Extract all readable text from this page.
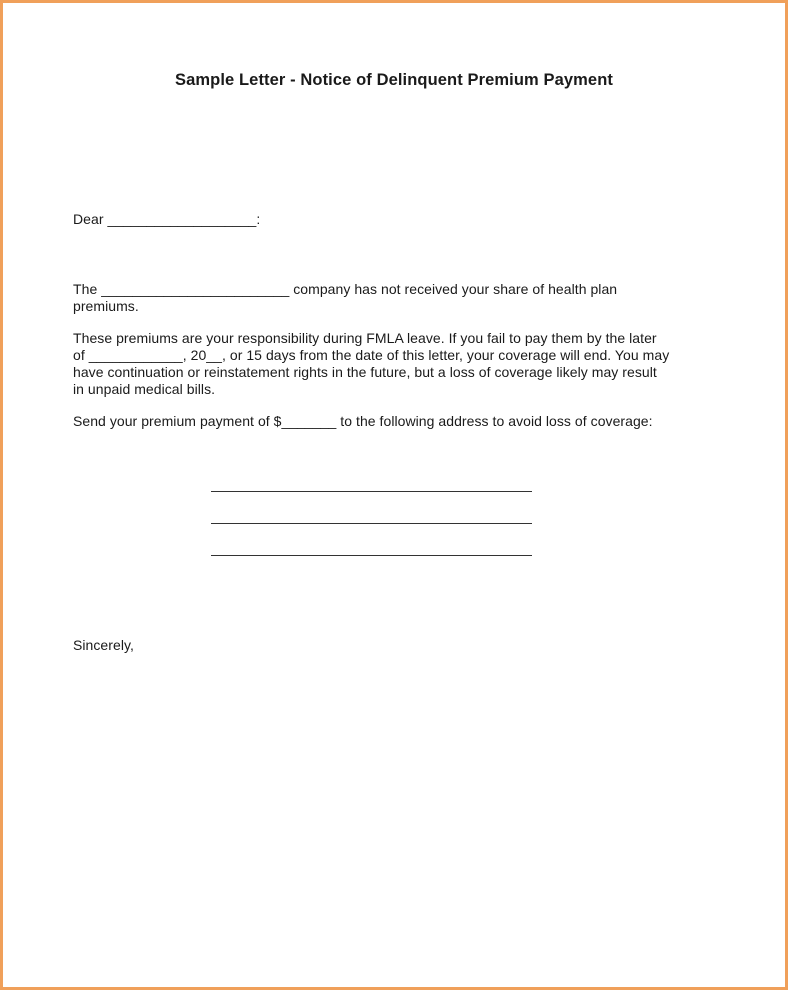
Sample Letter - Notice of Delinquent Premium Payment
Dear ___________________:
The ________________________ company has not received your share of health plan
premiums.
These premiums are your responsibility during FMLA leave. If you fail to pay them by the later
of ____________, 20__, or 15 days from the date of this letter, your coverage will end. You may
have continuation or reinstatement rights in the future, but a loss of coverage likely may result
in unpaid medical bills.
Send your premium payment of $_______ to the following address to avoid loss of coverage:
Sincerely,
